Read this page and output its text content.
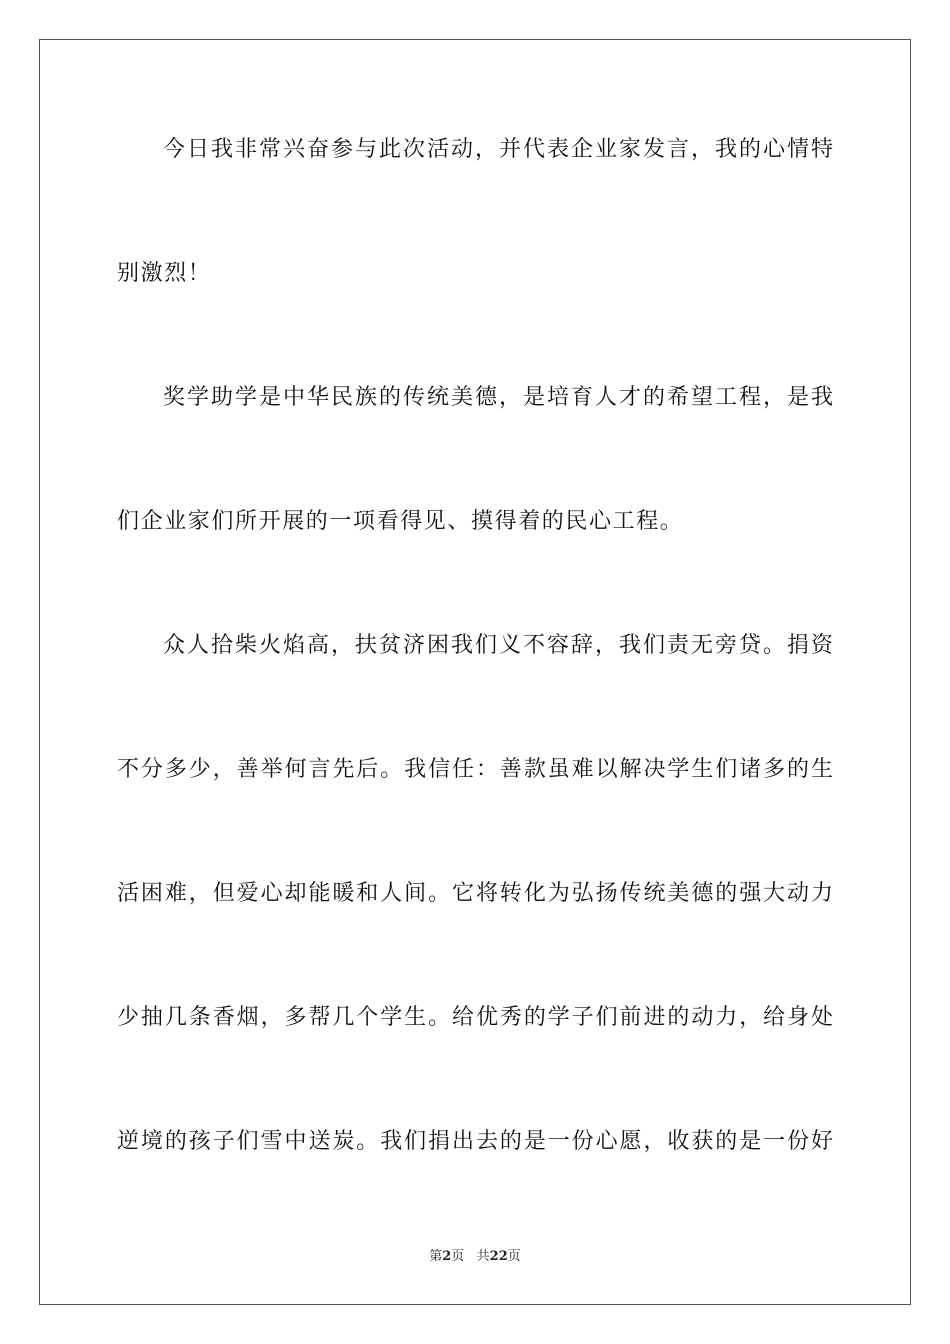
今日我非常兴奋参与此次活动，并代表企业家发言，我的心情特
别激烈！
奖学助学是中华民族的传统美德，是培育人才的希望工程，是我
们企业家们所开展的一项看得见、摸得着的民心工程。
众人拾柴火焰高，扶贫济困我们义不容辞，我们责无旁贷。捐资
不分多少，善举何言先后。我信任：善款虽难以解决学生们诸多的生
活困难，但爱心却能暖和人间。它将转化为弘扬传统美德的强大动力
少抽几条香烟，多帮几个学生。给优秀的学子们前进的动力，给身处
逆境的孩子们雪中送炭。我们捐出去的是一份心愿，收获的是一份好
第2页   共22页
